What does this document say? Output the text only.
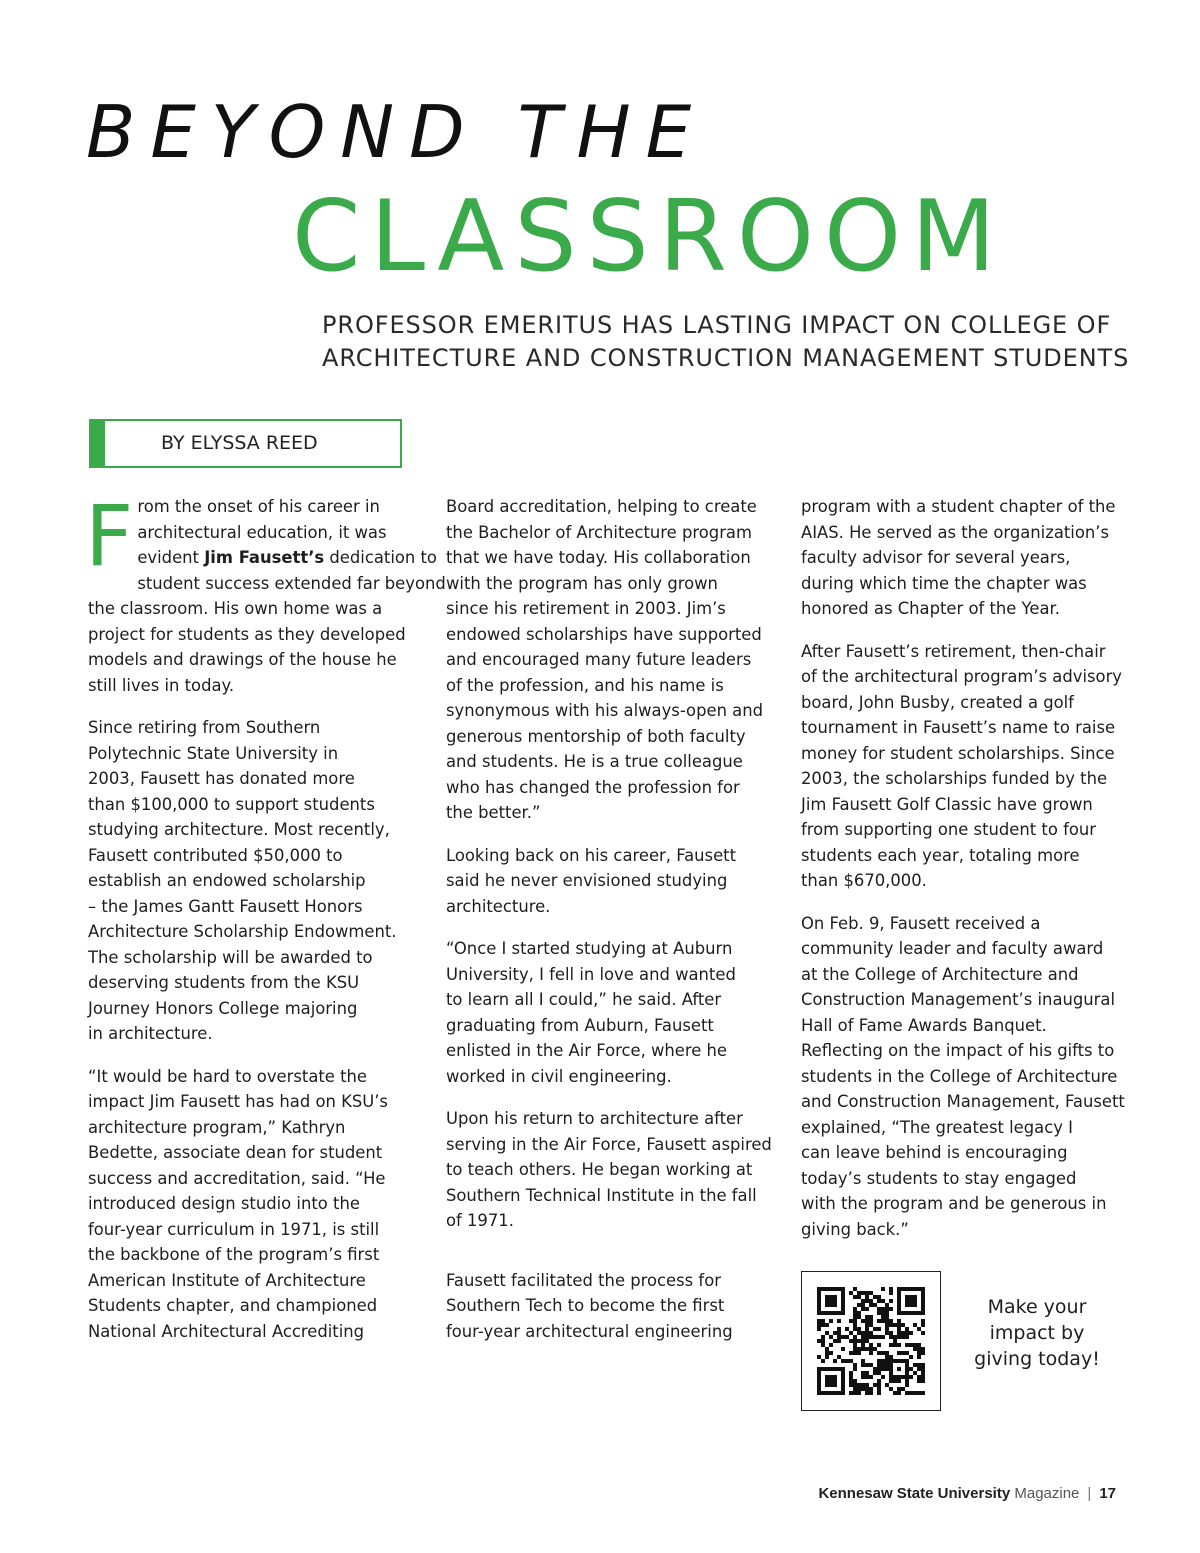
BEYOND THE
CLASSROOM
PROFESSOR EMERITUS HAS LASTING IMPACT ON COLLEGE OF
ARCHITECTURE AND CONSTRUCTION MANAGEMENT STUDENTS
BY ELYSSA REED

F rom the onset of his career in
architectural education, it was
evident Jim Fausett’s dedication to
student success extended far beyond
the classroom. His own home was a
project for students as they developed
models and drawings of the house he
still lives in today.

Since retiring from Southern
Polytechnic State University in
2003, Fausett has donated more
than $100,000 to support students
studying architecture. Most recently,
Fausett contributed $50,000 to
establish an endowed scholarship
– the James Gantt Fausett Honors
Architecture Scholarship Endowment.
The scholarship will be awarded to
deserving students from the KSU
Journey Honors College majoring
in architecture.

“It would be hard to overstate the
impact Jim Fausett has had on KSU’s
architecture program,” Kathryn
Bedette, associate dean for student
success and accreditation, said. “He
introduced design studio into the
four-year curriculum in 1971, is still
the backbone of the program’s first
American Institute of Architecture
Students chapter, and championed
National Architectural Accrediting

Board accreditation, helping to create
the Bachelor of Architecture program
that we have today. His collaboration
with the program has only grown
since his retirement in 2003. Jim’s
endowed scholarships have supported
and encouraged many future leaders
of the profession, and his name is
synonymous with his always-open and
generous mentorship of both faculty
and students. He is a true colleague
who has changed the profession for
the better.”

Looking back on his career, Fausett
said he never envisioned studying
architecture.

“Once I started studying at Auburn
University, I fell in love and wanted
to learn all I could,” he said. After
graduating from Auburn, Fausett
enlisted in the Air Force, where he
worked in civil engineering.

Upon his return to architecture after
serving in the Air Force, Fausett aspired
to teach others. He began working at
Southern Technical Institute in the fall
of 1971.

Fausett facilitated the process for
Southern Tech to become the first
four-year architectural engineering

program with a student chapter of the
AIAS. He served as the organization’s
faculty advisor for several years,
during which time the chapter was
honored as Chapter of the Year.

After Fausett’s retirement, then-chair
of the architectural program’s advisory
board, John Busby, created a golf
tournament in Fausett’s name to raise
money for student scholarships. Since
2003, the scholarships funded by the
Jim Fausett Golf Classic have grown
from supporting one student to four
students each year, totaling more
than $670,000.

On Feb. 9, Fausett received a
community leader and faculty award
at the College of Architecture and
Construction Management’s inaugural
Hall of Fame Awards Banquet.
Reflecting on the impact of his gifts to
students in the College of Architecture
and Construction Management, Fausett
explained, “The greatest legacy I
can leave behind is encouraging
today’s students to stay engaged
with the program and be generous in
giving back.”

Make your
impact by
giving today!
Kennesaw State University Magazine | 17
